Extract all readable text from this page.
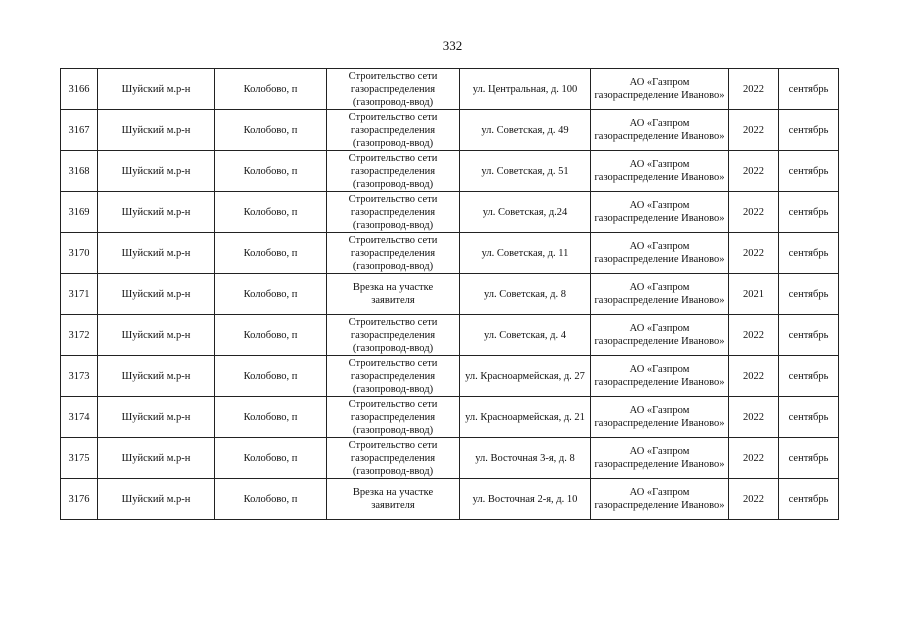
332
3166	Шуйский м.р-н	Колобово, п	Строительство сети газораспределения (газопровод-ввод)	ул. Центральная, д. 100	АО «Газпром газораспределение Иваново»	2022	сентябрь
3167	Шуйский м.р-н	Колобово, п	Строительство сети газораспределения (газопровод-ввод)	ул. Советская, д. 49	АО «Газпром газораспределение Иваново»	2022	сентябрь
3168	Шуйский м.р-н	Колобово, п	Строительство сети газораспределения (газопровод-ввод)	ул. Советская, д. 51	АО «Газпром газораспределение Иваново»	2022	сентябрь
3169	Шуйский м.р-н	Колобово, п	Строительство сети газораспределения (газопровод-ввод)	ул. Советская, д.24	АО «Газпром газораспределение Иваново»	2022	сентябрь
3170	Шуйский м.р-н	Колобово, п	Строительство сети газораспределения (газопровод-ввод)	ул. Советская, д. 11	АО «Газпром газораспределение Иваново»	2022	сентябрь
3171	Шуйский м.р-н	Колобово, п	Врезка на участке заявителя	ул. Советская, д. 8	АО «Газпром газораспределение Иваново»	2021	сентябрь
3172	Шуйский м.р-н	Колобово, п	Строительство сети газораспределения (газопровод-ввод)	ул. Советская, д. 4	АО «Газпром газораспределение Иваново»	2022	сентябрь
3173	Шуйский м.р-н	Колобово, п	Строительство сети газораспределения (газопровод-ввод)	ул. Красноармейская, д. 27	АО «Газпром газораспределение Иваново»	2022	сентябрь
3174	Шуйский м.р-н	Колобово, п	Строительство сети газораспределения (газопровод-ввод)	ул. Красноармейская, д. 21	АО «Газпром газораспределение Иваново»	2022	сентябрь
3175	Шуйский м.р-н	Колобово, п	Строительство сети газораспределения (газопровод-ввод)	ул. Восточная 3-я, д. 8	АО «Газпром газораспределение Иваново»	2022	сентябрь
3176	Шуйский м.р-н	Колобово, п	Врезка на участке заявителя	ул. Восточная 2-я, д. 10	АО «Газпром газораспределение Иваново»	2022	сентябрь
